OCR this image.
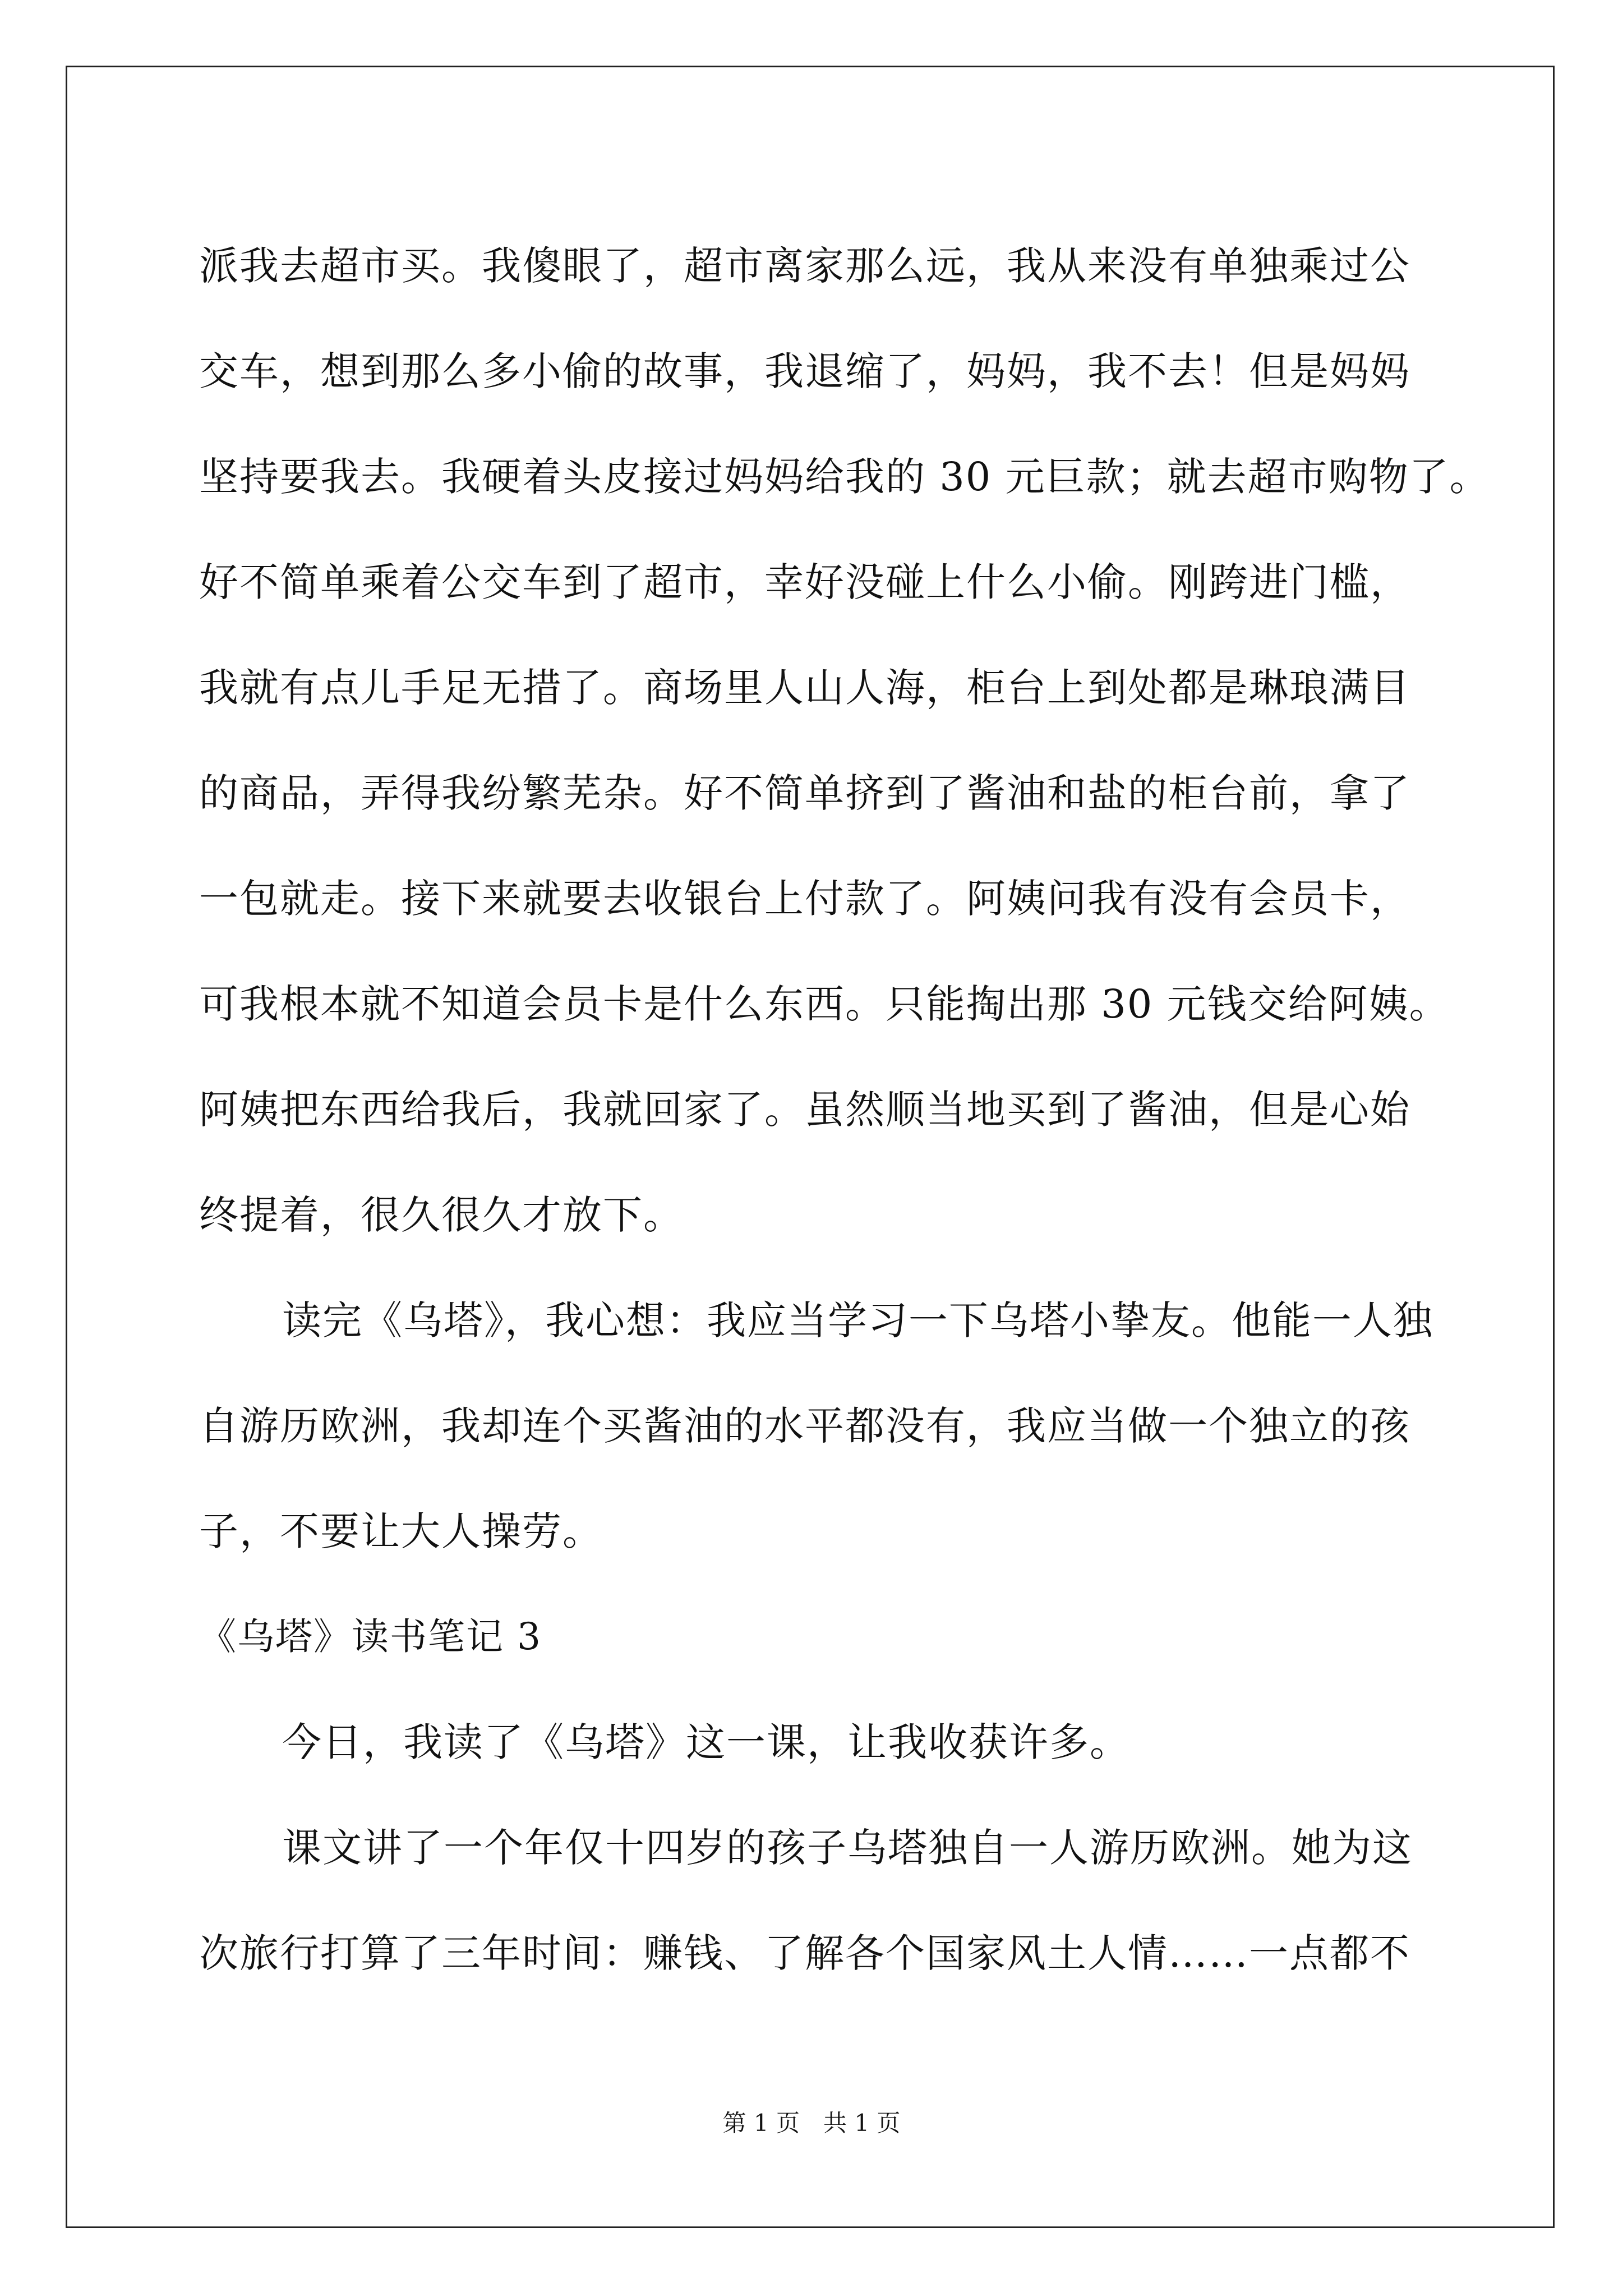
派我去超市买。我傻眼了，超市离家那么远，我从来没有单独乘过公
交车，想到那么多小偷的故事，我退缩了，妈妈，我不去！但是妈妈
坚持要我去。我硬着头皮接过妈妈给我的 30 元巨款；就去超市购物了。
好不简单乘着公交车到了超市，幸好没碰上什么小偷。刚跨进门槛，
我就有点儿手足无措了。商场里人山人海，柜台上到处都是琳琅满目
的商品，弄得我纷繁芜杂。好不简单挤到了酱油和盐的柜台前，拿了
一包就走。接下来就要去收银台上付款了。阿姨问我有没有会员卡，
可我根本就不知道会员卡是什么东西。只能掏出那 30 元钱交给阿姨。
阿姨把东西给我后，我就回家了。虽然顺当地买到了酱油，但是心始
终提着，很久很久才放下。
读完《乌塔》，我心想：我应当学习一下乌塔小挚友。他能一人独
自游历欧洲，我却连个买酱油的水平都没有，我应当做一个独立的孩
子，不要让大人操劳。
《乌塔》读书笔记 3
今日，我读了《乌塔》这一课，让我收获许多。
课文讲了一个年仅十四岁的孩子乌塔独自一人游历欧洲。她为这
次旅行打算了三年时间：赚钱、了解各个国家风土人情……一点都不
第 1 页　共 1 页
